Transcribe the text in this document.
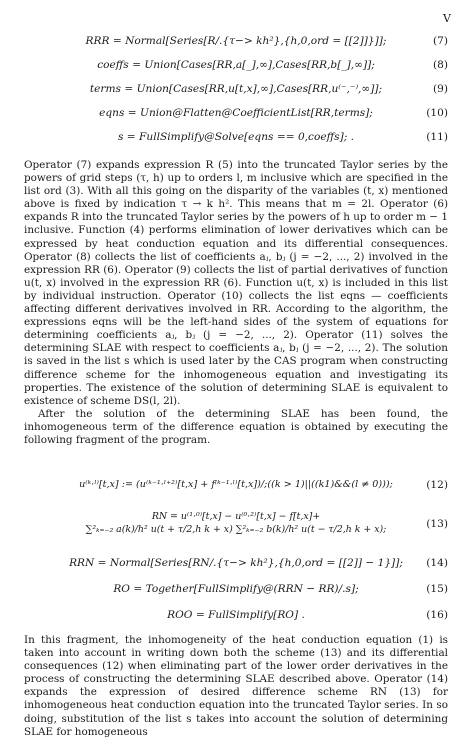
V
RRR = Normal[Series[R/.{τ−> kh²},{h,0,ord = [[2]]}]];	(7)
coeffs = Union[Cases[RR,a[_],∞],Cases[RR,b[_],∞]];	(8)
terms = Union[Cases[RR,u[t,x],∞],Cases[RR,u⁽⁻,⁻⁾,∞]];	(9)
eqns = Union@Flatten@CoefficientList[RR,terms];	(10)
s = FullSimplify@Solve[eqns == 0,coeffs]; .	(11)

Operator (7) expands expression R (5) into the truncated Taylor series by the powers of grid steps (τ, h) up to orders l, m inclusive which are specified in the list ord (3). With all this going on the disparity of the variables (t, x) mentioned above is fixed by indication τ → k h². This means that m = 2l. Operator (6) expands R into the truncated Taylor series by the powers of h up to order m − 1 inclusive. Function (4) performs elimination of lower derivatives which can be expressed by heat conduction equation and its differential consequences. Operator (8) collects the list of coefficients aⱼ, bⱼ (j = −2, ..., 2) involved in the expression RR (6). Operator (9) collects the list of partial derivatives of function u(t, x) involved in the expression RR (6). Function u(t, x) is included in this list by individual instruction. Operator (10) collects the list eqns — coefficients affecting different derivatives involved in RR. According to the algorithm, the expressions eqns will be the left-hand sides of the system of equations for determining coefficients aⱼ, bⱼ (j = −2, ..., 2). Operator (11) solves the determining SLAE with respect to coefficients aⱼ, bⱼ (j = −2, ..., 2). The solution is saved in the list s which is used later by the CAS program when constructing difference scheme for the inhomogeneous equation and investigating its properties. The existence of the solution of determining SLAE is equivalent to existence of scheme DS(l, 2l).

After the solution of the determining SLAE has been found, the inhomogeneous term of the difference equation is obtained by executing the following fragment of the program.

u⁽ᵏ·ˡ⁾[t,x] := (u⁽ᵏ⁻¹·ˡ⁺²⁾[t,x] + f⁽ᵏ⁻¹·ˡ⁾[t,x])/;((k > 1)||((k1)&&(l ≠ 0)));	(12)
RN = u⁽¹·⁰⁾[t,x] − u⁽⁰·²⁾[t,x] − f[t,x]+
∑²ₖ₌₋₂ a(k)/h² u(t + τ/2,h k + x) ∑²ₖ₌₋₂ b(k)/h² u(t − τ/2,h k + x);	(13)
RRN = Normal[Series[RN/.{τ−> kh²},{h,0,ord = [[2]] − 1}]];	(14)
RO = Together[FullSimplify@(RRN − RR)/.s];	(15)
ROO = FullSimplify[RO] .	(16)

In this fragment, the inhomogeneity of the heat conduction equation (1) is taken into account in writing down both the scheme (13) and its differential consequences (12) when eliminating part of the lower order derivatives in the process of constructing the determining SLAE described above. Operator (14) expands the expression of desired difference scheme RN (13) for inhomogeneous heat conduction equation into the truncated Taylor series. In so doing, substitution of the list s takes into account the solution of determining SLAE for homogeneous
